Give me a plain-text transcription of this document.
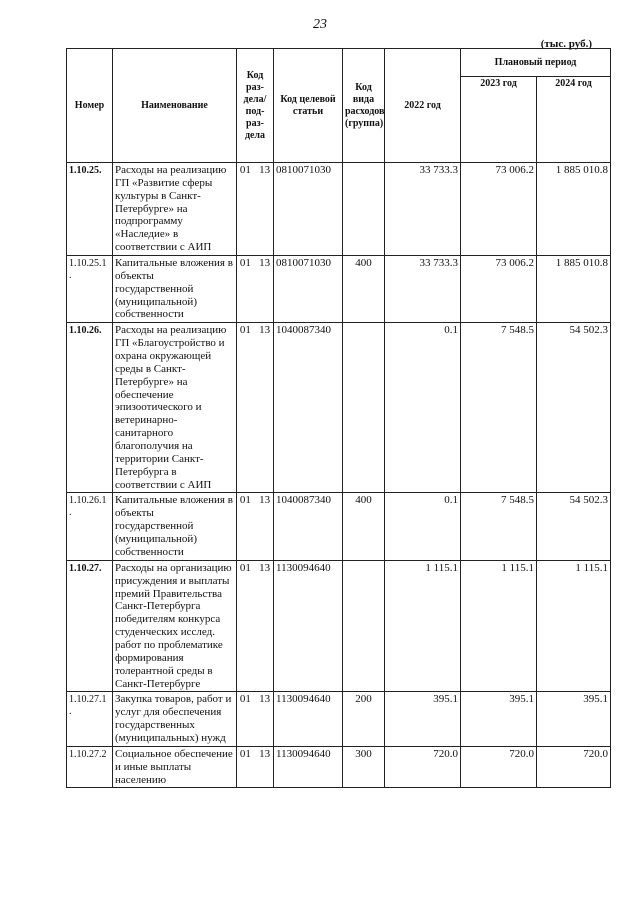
23
(тыс. руб.)
Номер	Наименование	Код раз-дела/ под-раз-дела	Код целевой статьи	Код вида расходов (группа)	2022 год	Плановый период	
						2023 год	2024 год
1.10.25.	Расходы на реализацию ГП «Развитие сферы культуры в Санкт-Петербурге» на подпрограмму «Наследие» в соответствии с АИП	01 13	0810071030		33 733.3	73 006.2	1 885 010.8
1.10.25.1 .	Капитальные вложения в объекты государственной (муниципальной) собственности	01 13	0810071030	400	33 733.3	73 006.2	1 885 010.8
1.10.26.	Расходы на реализацию ГП «Благоустройство и охрана окружающей среды в Санкт-Петербурге» на обеспечение эпизоотического и ветеринарно-санитарного благополучия на территории Санкт-Петербурга в соответствии с АИП	01 13	1040087340		0.1	7 548.5	54 502.3
1.10.26.1 .	Капитальные вложения в объекты государственной (муниципальной) собственности	01 13	1040087340	400	0.1	7 548.5	54 502.3
1.10.27.	Расходы на организацию присуждения и выплаты премий Правительства Санкт-Петербурга победителям конкурса студенческих исслед. работ по проблематике формирования толерантной среды в Санкт-Петербурге	01 13	1130094640		1 115.1	1 115.1	1 115.1
1.10.27.1 .	Закупка товаров, работ и услуг для обеспечения государственных (муниципальных) нужд	01 13	1130094640	200	395.1	395.1	395.1
1.10.27.2	Социальное обеспечение и иные выплаты населению	01 13	1130094640	300	720.0	720.0	720.0
